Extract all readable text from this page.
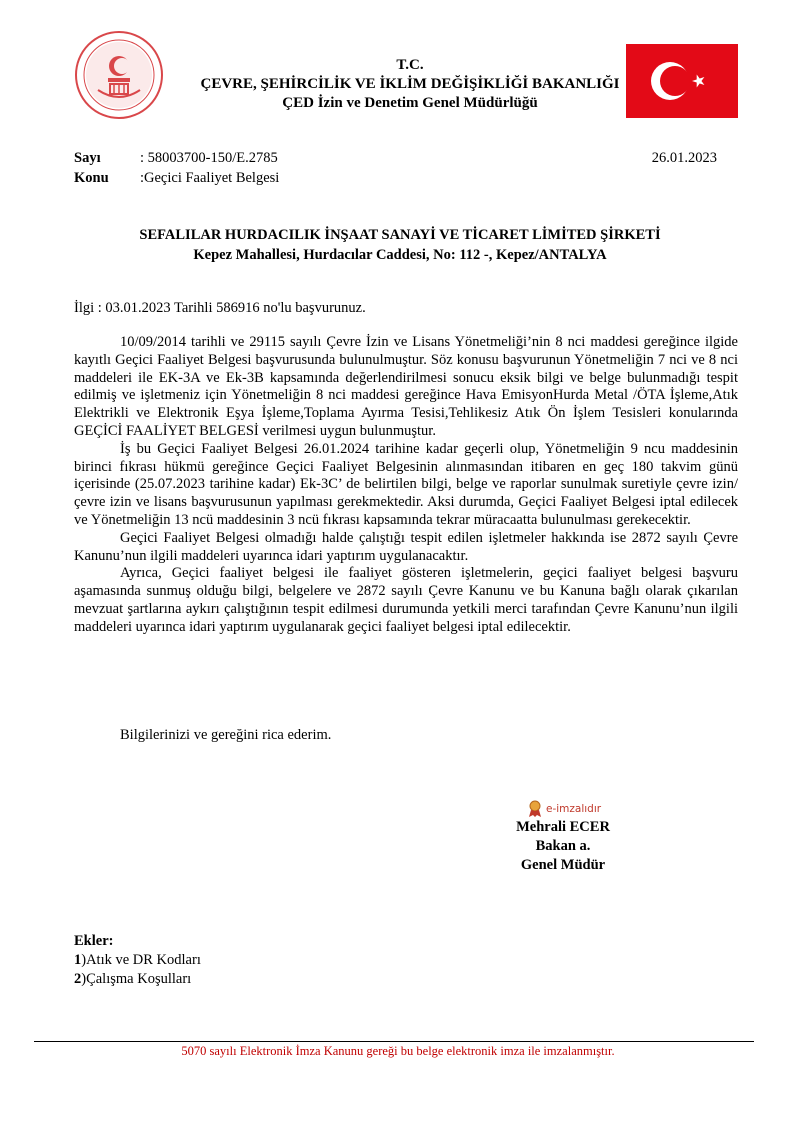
T.C.
ÇEVRE, ŞEHİRCİLİK VE İKLİM DEĞİŞİKLİĞİ BAKANLIĞI
ÇED İzin ve Denetim Genel Müdürlüğü
Sayı	: 58003700-150/E.2785	26.01.2023
Konu :Geçici Faaliyet Belgesi
SEFALILAR HURDACILIK İNŞAAT SANAYİ VE TİCARET LİMİTED ŞİRKETİ
Kepez Mahallesi, Hurdacılar Caddesi, No: 112 -, Kepez/ANTALYA
İlgi : 03.01.2023 Tarihli 586916 no'lu başvurunuz.

10/09/2014 tarihli ve 29115 sayılı Çevre İzin ve Lisans Yönetmeliği’nin 8 nci maddesi gereğince ilgide kayıtlı Geçici Faaliyet Belgesi başvurusunda bulunulmuştur. Söz konusu başvurunun Yönetmeliğin 7 nci ve 8 nci maddeleri ile EK-3A ve Ek-3B kapsamında değerlendirilmesi sonucu eksik bilgi ve belge bulunmadığı tespit edilmiş ve işletmeniz için Yönetmeliğin 8 nci maddesi gereğince Hava EmisyonHurda Metal /ÖTA İşleme,Atık Elektrikli ve Elektronik Eşya İşleme,Toplama Ayırma Tesisi,Tehlikesiz Atık Ön İşlem Tesisleri konularında GEÇİCİ FAALİYET BELGESİ verilmesi uygun bulunmuştur.

İş bu Geçici Faaliyet Belgesi 26.01.2024 tarihine kadar geçerli olup, Yönetmeliğin 9 ncu maddesinin birinci fıkrası hükmü gereğince Geçici Faaliyet Belgesinin alınmasından itibaren en geç 180 takvim günü içerisinde (25.07.2023 tarihine kadar) Ek-3C’ de belirtilen bilgi, belge ve raporlar sunulmak suretiyle çevre izin/çevre izin ve lisans başvurusunun yapılması gerekmektedir. Aksi durumda, Geçici Faaliyet Belgesi iptal edilecek ve Yönetmeliğin 13 ncü maddesinin 3 ncü fıkrası kapsamında tekrar müracaatta bulunulması gerekecektir.

Geçici Faaliyet Belgesi olmadığı halde çalıştığı tespit edilen işletmeler hakkında ise 2872 sayılı Çevre Kanunu’nun ilgili maddeleri uyarınca idari yaptırım uygulanacaktır.

Ayrıca, Geçici faaliyet belgesi ile faaliyet gösteren işletmelerin, geçici faaliyet belgesi başvuru aşamasında sunmuş olduğu bilgi, belgelere ve 2872 sayılı Çevre Kanunu ve bu Kanuna bağlı olarak çıkarılan mevzuat şartlarına aykırı çalıştığının tespit edilmesi durumunda yetkili merci tarafından Çevre Kanunu’nun ilgili maddeleri uyarınca idari yaptırım uygulanarak geçici faaliyet belgesi iptal edilecektir.

Bilgilerinizi ve gereğini rica ederim.
e-imzalıdır
Mehrali ECER
Bakan a.
Genel Müdür
Ekler:
1)Atık ve DR Kodları
2)Çalışma Koşulları
5070 sayılı Elektronik İmza Kanunu gereği bu belge elektronik imza ile imzalanmıştır.
